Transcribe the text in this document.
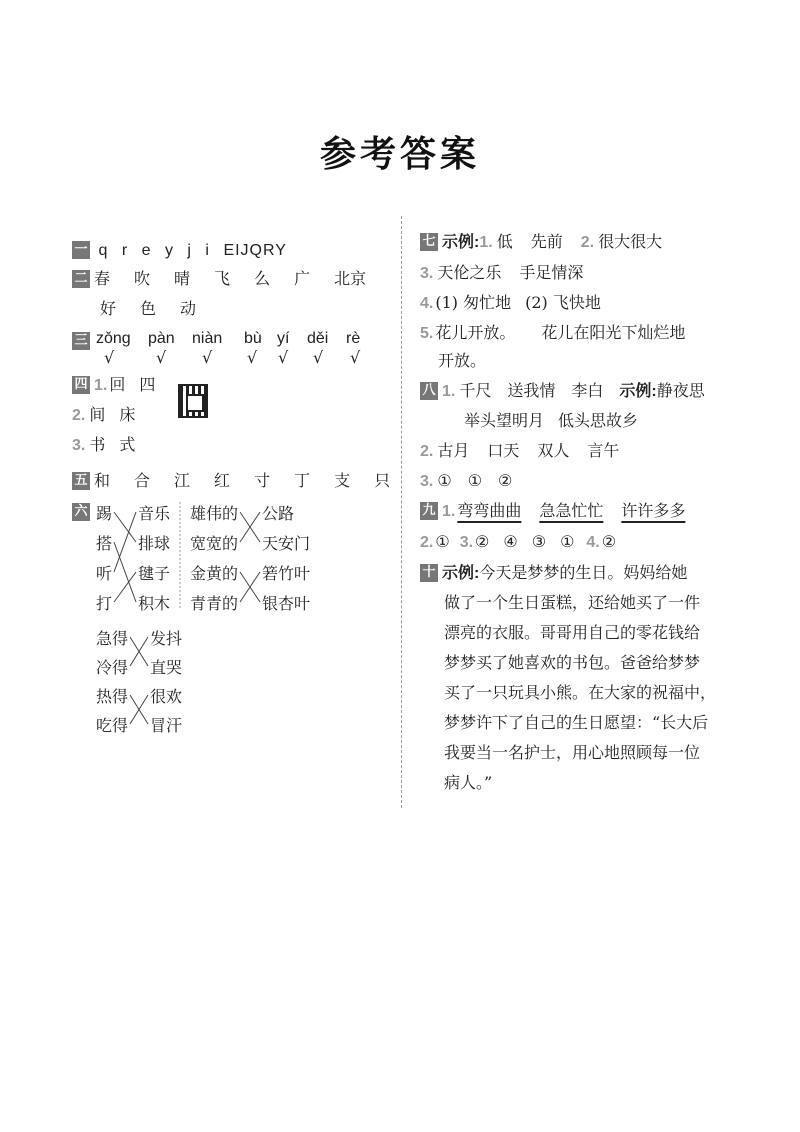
参考答案
一 q r e y j i EIJQRY
二 春 吹 晴 飞 么 广 北京
好 色 动
三 zǒng pàn niàn bù yí děi rè
√	√ √ √ √ √ √
四 1. 回 四
2. 间 床
3. 书 式
五 和 合 江 红 寸 丁 支 只
六 踢
搭
听
打
音乐
排球
毽子
积木
雄伟的
宽宽的
金黄的
青青的
公路
天安门
箬竹叶
银杏叶
急得
冷得
热得
吃得
发抖
直哭
很欢
冒汗
七 示例:1. 低 先前 2. 很大很大
3. 天伦之乐 手足情深
4. (1) 匆忙地 (2) 飞快地
5. 花儿开放。 花儿在阳光下灿烂地
开放。
八 1. 千尺 送我情 李白 示例:静夜思
举头望明月 低头思故乡
2. 古月 口天 双人 言午
3. ① ① ②
九 1. 弯弯曲曲 急急忙忙 许许多多
2. ① 3. ② ④ ③ ① 4. ②
十 示例:今天是梦梦的生日。妈妈给她
做了一个生日蛋糕，还给她买了一件
漂亮的衣服。哥哥用自己的零花钱给
梦梦买了她喜欢的书包。爸爸给梦梦
买了一只玩具小熊。在大家的祝福中，
梦梦许下了自己的生日愿望：“长大后
我要当一名护士，用心地照顾每一位
病人。”
